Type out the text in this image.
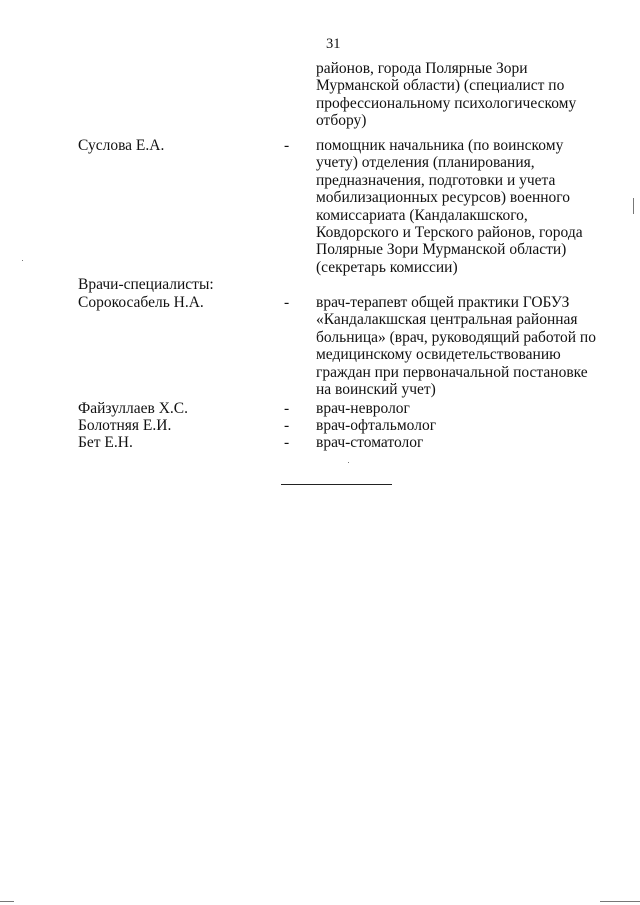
31
районов, города Полярные Зори
Мурманской области) (специалист по
профессиональному психологическому
отбору)
Суслова Е.А.	-	помощник начальника (по воинскому
учету) отделения (планирования,
предназначения, подготовки и учета
мобилизационных ресурсов) военного
комиссариата (Кандалакшского,
Ковдорского и Терского районов, города
Полярные Зори Мурманской области)
(секретарь комиссии)
Врачи-специалисты:
Сорокосабель Н.А.	-	врач-терапевт общей практики ГОБУЗ
«Кандалакшская центральная районная
больница» (врач, руководящий работой по
медицинскому освидетельствованию
граждан при первоначальной постановке
на воинский учет)
Файзуллаев Х.С.	-	врач-невролог
Болотняя Е.И.	-	врач-офтальмолог
Бет Е.Н.	-	врач-стоматолог
